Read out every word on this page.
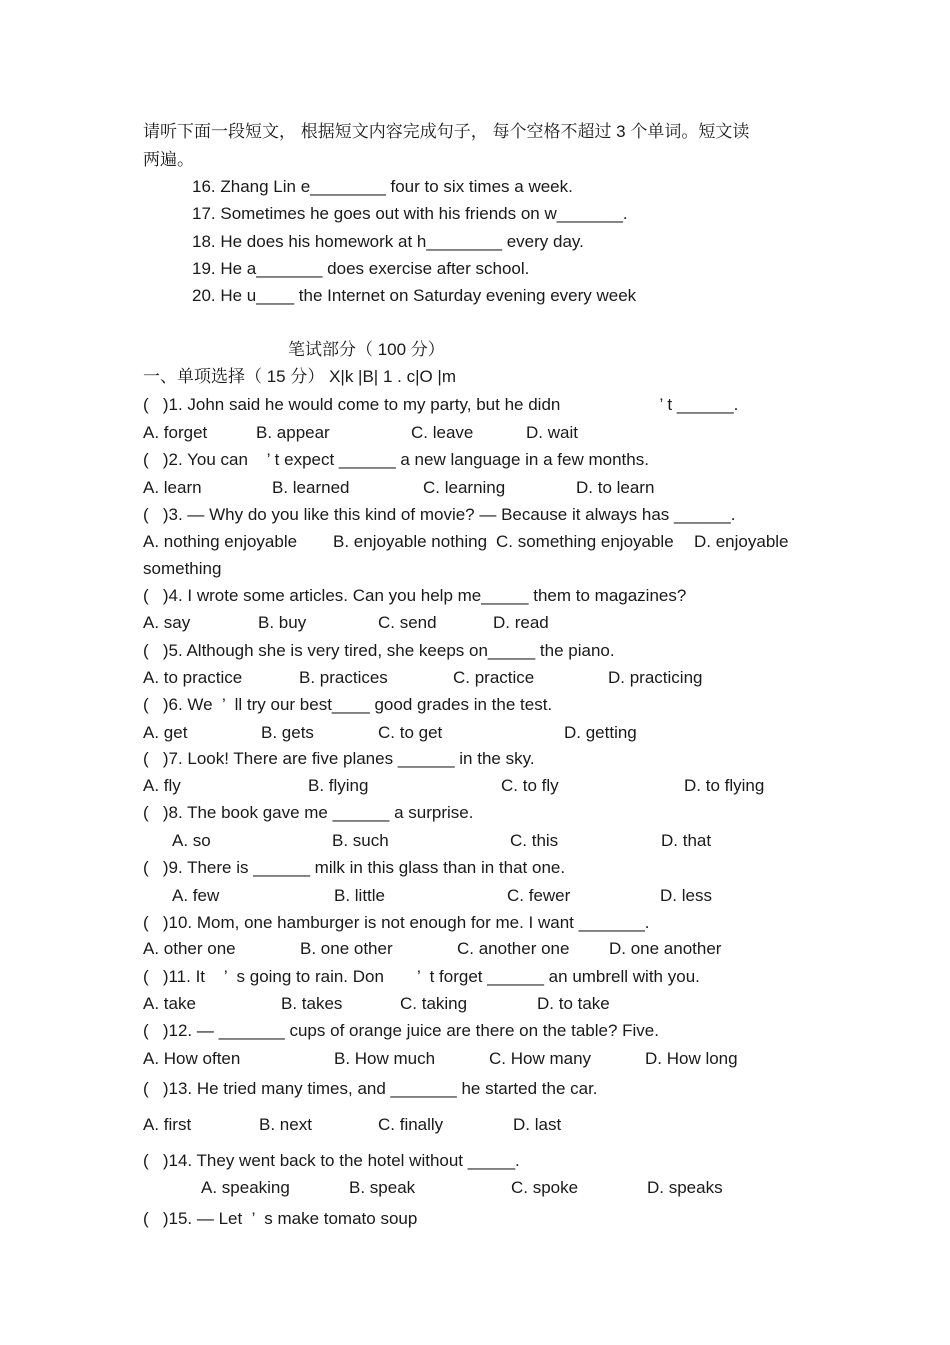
请听下面一段短文， 根据短文内容完成句子， 每个空格不超过 3 个单词。短文读
两遍。
16. Zhang Lin e________ four to six times a week.
17. Sometimes he goes out with his friends on w_______.
18. He does his homework at h________ every day.
19. He a_______ does exercise after school.
20. He u____ the Internet on Saturday evening every week
笔试部分（ 100 分）
一、单项选择（ 15 分） X|k |B| 1 . c|O |m
(   )1. John said he would come to my party, but he didn                     ’ t ______.
A. forget	B. appear	C. leave	D. wait
(   )2. You can    ’ t expect ______ a new language in a few months.
A. learn	B. learned	C. learning	D. to learn
(   )3. — Why do you like this kind of movie? — Because it always has ______.
A. nothing enjoyable B. enjoyable nothing C. something enjoyable D. enjoyable
something
(   )4. I wrote some articles. Can you help me_____ them to magazines?
A. say	B. buy	C. send	D. read
(   )5. Although she is very tired, she keeps on_____ the piano.
A. to practice	B. practices	C. practice	D. practicing
(   )6. We  ’  ll try our best____ good grades in the test.
A. get	B. gets	C. to get	D. getting
(   )7. Look! There are five planes ______ in the sky.
A. fly	B. flying	C. to fly	D. to flying
(   )8. The book gave me ______ a surprise.
A. so	B. such	C. this	D. that
(   )9. There is ______ milk in this glass than in that one.
A. few	B. little	C. fewer	D. less
(   )10. Mom, one hamburger is not enough for me. I want _______.
A. other one	B. one other	C. another one D. one another
(   )11. It    ’  s going to rain. Don       ’  t forget ______ an umbrell with you.
A. take	B. takes	C. taking	D. to take
(   )12. — _______ cups of orange juice are there on the table? Five.
A. How often	B. How much	C. How many	D. How long
(   )13. He tried many times, and _______ he started the car.
A. first	B. next	C. finally	D. last
(   )14. They went back to the hotel without _____.
A. speaking	B. speak	C. spoke	D. speaks
(   )15. — Let  ’  s make tomato soup
